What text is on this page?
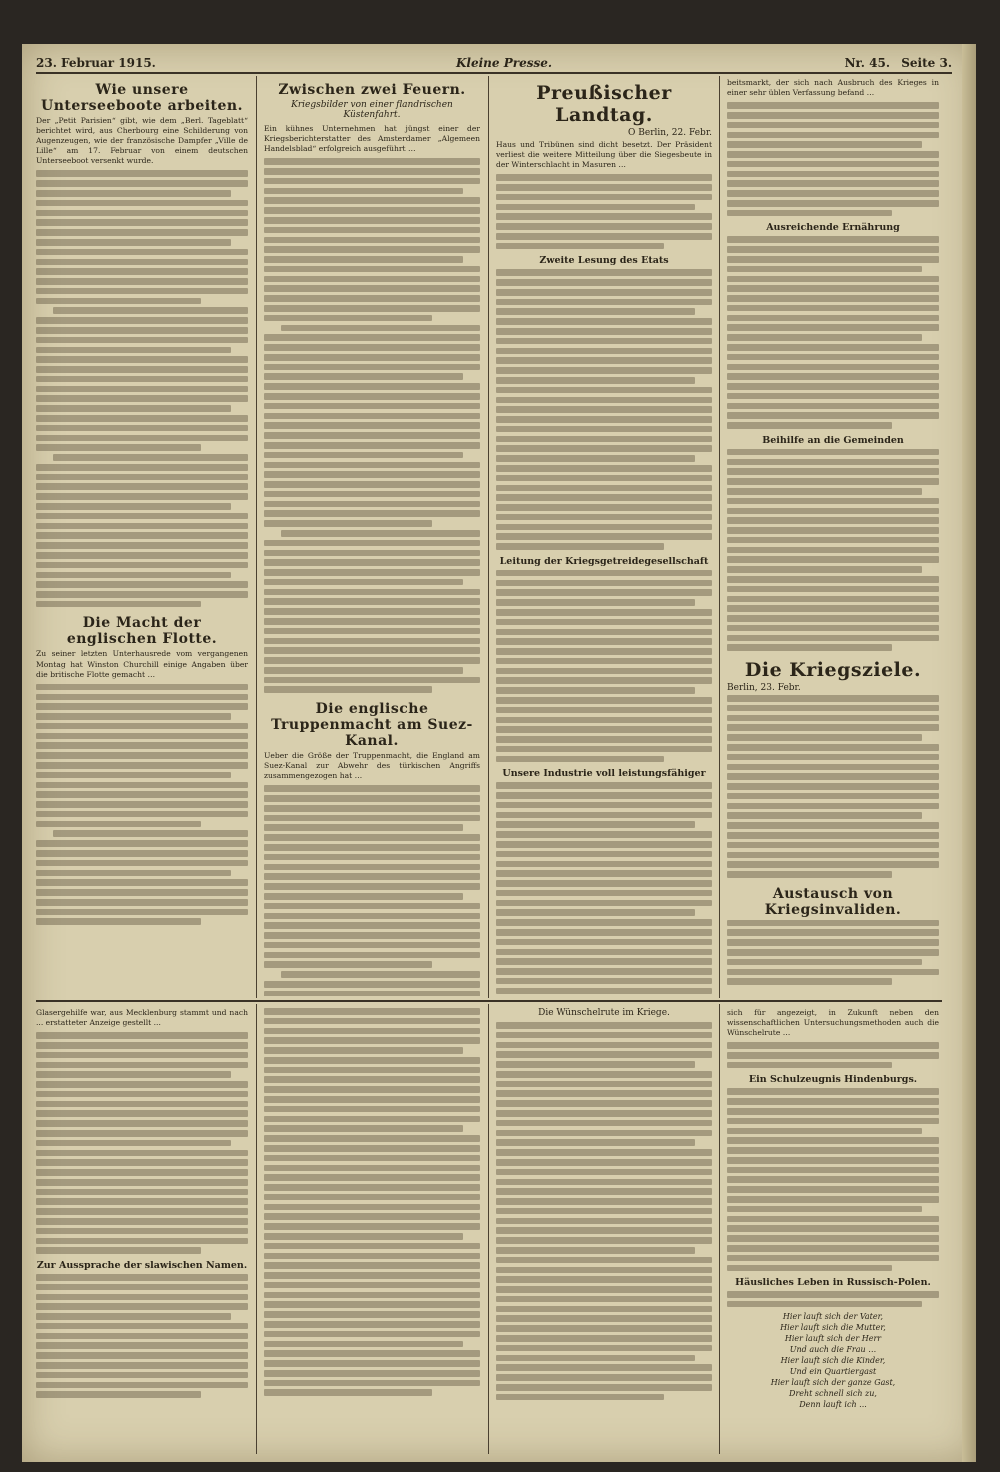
23. Februar 1915.	Kleine Presse.	Nr. 45. Seite 3.
Wie unsere Unterseeboote arbeiten.
Der „Petit Parisien“ gibt, wie dem „Berl. Tageblatt“ berichtet wird, aus Cherbourg eine Schilderung von Augenzeugen, wie der französische Dampfer „Ville de Lille“ am 17. Februar von einem deutschen Unterseeboot versenkt wurde.
Die Macht der englischen Flotte.
Zu seiner letzten Unterhausrede vom vergangenen Montag hat Winston Churchill einige Angaben über die britische Flotte gemacht …
Zwischen zwei Feuern.
Kriegsbilder von einer flandrischen Küstenfahrt.
Ein kühnes Unternehmen hat jüngst einer der Kriegsberichterstatter des Amsterdamer „Algemeen Handelsblad“ erfolgreich ausgeführt …
Die englische Truppenmacht am Suez-Kanal.
Ueber die Größe der Truppenmacht, die England am Suez-Kanal zur Abwehr des türkischen Angriffs zusammengezogen hat …
Preußischer Landtag.
O Berlin, 22. Febr.
Haus und Tribünen sind dicht besetzt. Der Präsident verliest die weitere Mitteilung über die Siegesbeute in der Winterschlacht in Masuren …
Zweite Lesung des Etats
Leitung der Kriegsgetreidegesellschaft
Unsere Industrie voll leistungsfähiger
beitsmarkt, der sich nach Ausbruch des Krieges in einer sehr üblen Verfassung befand …
Ausreichende Ernährung
Beihilfe an die Gemeinden
Die Kriegsziele.
Berlin, 23. Febr.
Austausch von Kriegsinvaliden.
Glasergehilfe war, aus Mecklenburg stammt und nach ... erstatteter Anzeige gestellt ...
Zur Aussprache der slawischen Namen.
Die Wünschelrute im Kriege.	sich für angezeigt, in Zukunft neben den wissenschaftlichen Untersuchungsmethoden auch die Wünschelrute …
Ein Schulzeugnis Hindenburgs.
Häusliches Leben in Russisch-Polen.
Hier lauft sich der Vater,
Hier lauft sich die Mutter,
Hier lauft sich der Herr
Und auch die Frau …
Hier lauft sich die Kinder,
Und ein Quartiergast
Hier lauft sich der ganze Gast,
Dreht schnell sich zu,
Denn lauft ich ...
